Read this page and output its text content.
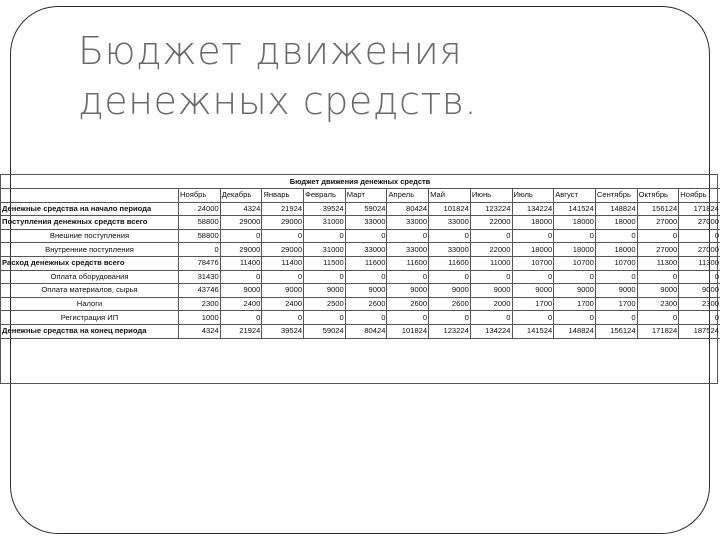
Бюджет движения денежных средств.
Бюджет движения денежных средств
	Ноябрь	Декабрь	Январь	Февраль	Март	Апрель	Май	Июнь	Июль	Август	Сентябрь	Октябрь	Ноябрь
Денежные средства на начало периода	24000	4324	21924	39524	59024	80424	101824	123224	134224	141524	148824	156124	171824
Поступления денежных средств всего	58800	29000	29000	31000	33000	33000	33000	22000	18000	18000	18000	27000	27000
Внешние поступления	58800	0	0	0	0	0	0	0	0	0	0	0	0
Внутренние поступления	0	29000	29000	31000	33000	33000	33000	22000	18000	18000	18000	27000	27000
Расход денежных средств всего	78476	11400	11400	11500	11600	11600	11600	11000	10700	10700	10700	11300	11300
Оплата оборудования	31430	0	0	0	0	0	0	0	0	0	0	0	0
Оплата материалов, сырья	43746	9000	9000	9000	9000	9000	9000	9000	9000	9000	9000	9000	9000
Налоги	2300	2400	2400	2500	2600	2600	2600	2000	1700	1700	1700	2300	2300
Регистрация ИП	1000	0	0	0	0	0	0	0	0	0	0	0	0
Денежные средства на конец периода	4324	21924	39524	59024	80424	101824	123224	134224	141524	148824	156124	171824	187524
